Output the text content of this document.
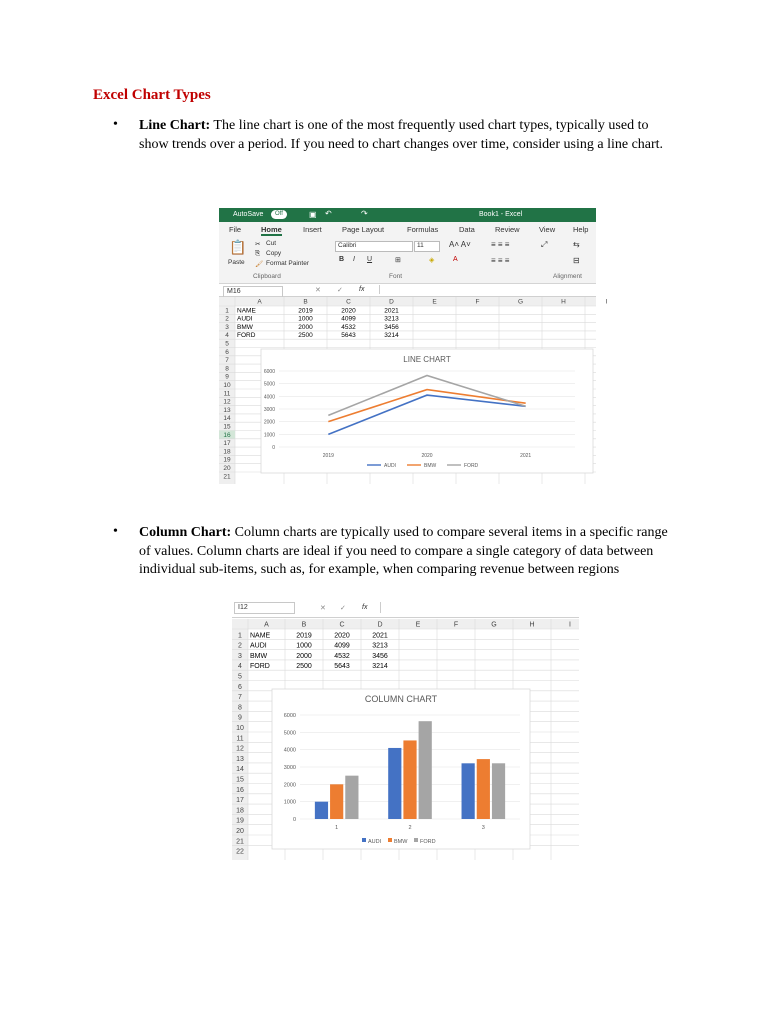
Excel Chart Types
• Line Chart: The line chart is one of the most frequently used chart types, typically used to show trends over a period. If you need to chart changes over time, consider using a line chart.
AutoSave	Off	▣ ↶	↷	Book1 - Excel
File	Home	Insert	Page Layout	Formulas	Data	Review	View Help
📋
Paste
✂ Cut
⎘ Copy
🖌 Format Painter
Clipboard
Calibri	11	A˄ A˅
B I U	⊞	◈	A
Font
≡ ≡ ≡
≡ ≡ ≡
⤢	⇆
⊟
Alignment
M16	✕ ✓ fx
A	B	C	D	E	F	G	H	I
1
2
3
4
5
6
7
8
9
10
11
12
13
14
15
16
17
18
19
20
21
NAME	2019	2020	2021
AUDI	1000	4099	3213
BMW	2000	4532	3456
FORD	2500	5643	3214
LINE CHART
0
1000
2000
3000
4000
5000
6000
2019	2020	2021
AUDI	BMW	FORD
• Column Chart: Column charts are typically used to compare several items in a specific range of values. Column charts are ideal if you need to compare a single category of data between individual sub-items, such as, for example, when comparing revenue between regions
I12	✕ ✓ fx
A	B	C	D	E	F	G	H	I
1
2
3
4
5
6
7
8
9
10
11
12
13
14
15
16
17
18
19
20
21
22
NAME	2019	2020	2021
AUDI	1000	4099	3213
BMW	2000	4532	3456
FORD	2500	5643	3214
COLUMN CHART
0
1000
2000
3000
4000
5000
6000
1	2	3
AUDI BMW FORD
